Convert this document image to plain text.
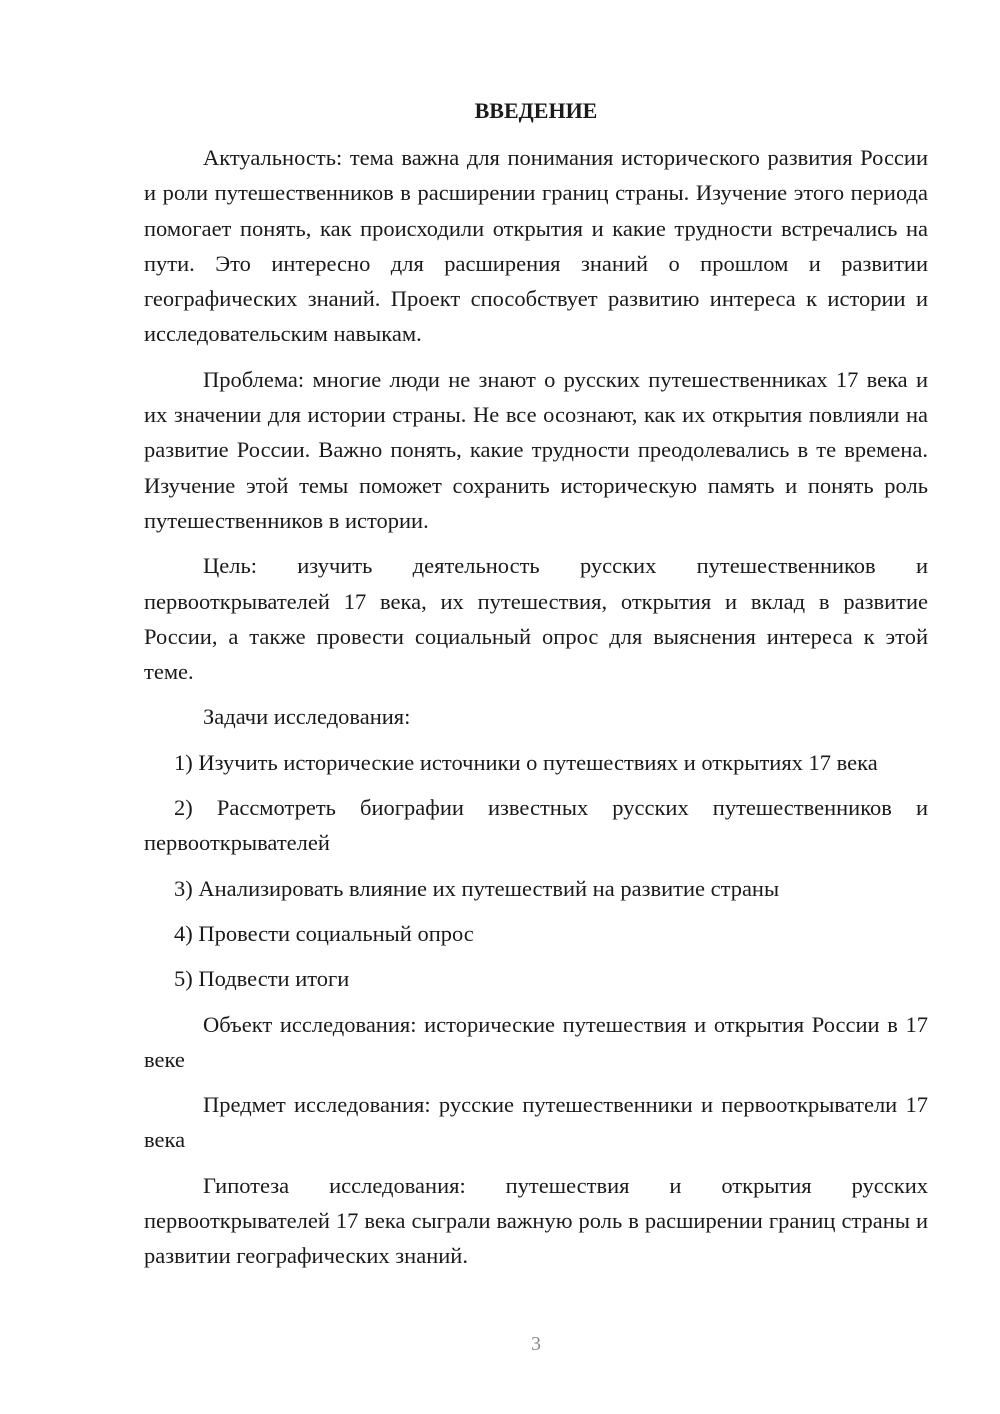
ВВЕДЕНИЕ

Актуальность: тема важна для понимания исторического развития России и роли путешественников в расширении границ страны. Изучение этого периода помогает понять, как происходили открытия и какие трудности встречались на пути. Это интересно для расширения знаний о прошлом и развитии географических знаний. Проект способствует развитию интереса к истории и исследовательским навыкам.

Проблема: многие люди не знают о русских путешественниках 17 века и их значении для истории страны. Не все осознают, как их открытия повлияли на развитие России. Важно понять, какие трудности преодолевались в те времена. Изучение этой темы поможет сохранить историческую память и понять роль путешественников в истории.

Цель: изучить деятельность русских путешественников и первооткрывателей 17 века, их путешествия, открытия и вклад в развитие России, а также провести социальный опрос для выяснения интереса к этой теме.

Задачи исследования:

1) Изучить исторические источники о путешествиях и открытиях 17 века

2) Рассмотреть биографии известных русских путешественников и первооткрывателей

3) Анализировать влияние их путешествий на развитие страны

4) Провести социальный опрос

5) Подвести итоги

Объект исследования: исторические путешествия и открытия России в 17 веке

Предмет исследования: русские путешественники и первооткрыватели 17 века

Гипотеза исследования: путешествия и открытия русских первооткрывателей 17 века сыграли важную роль в расширении границ страны и развитии географических знаний.

3
